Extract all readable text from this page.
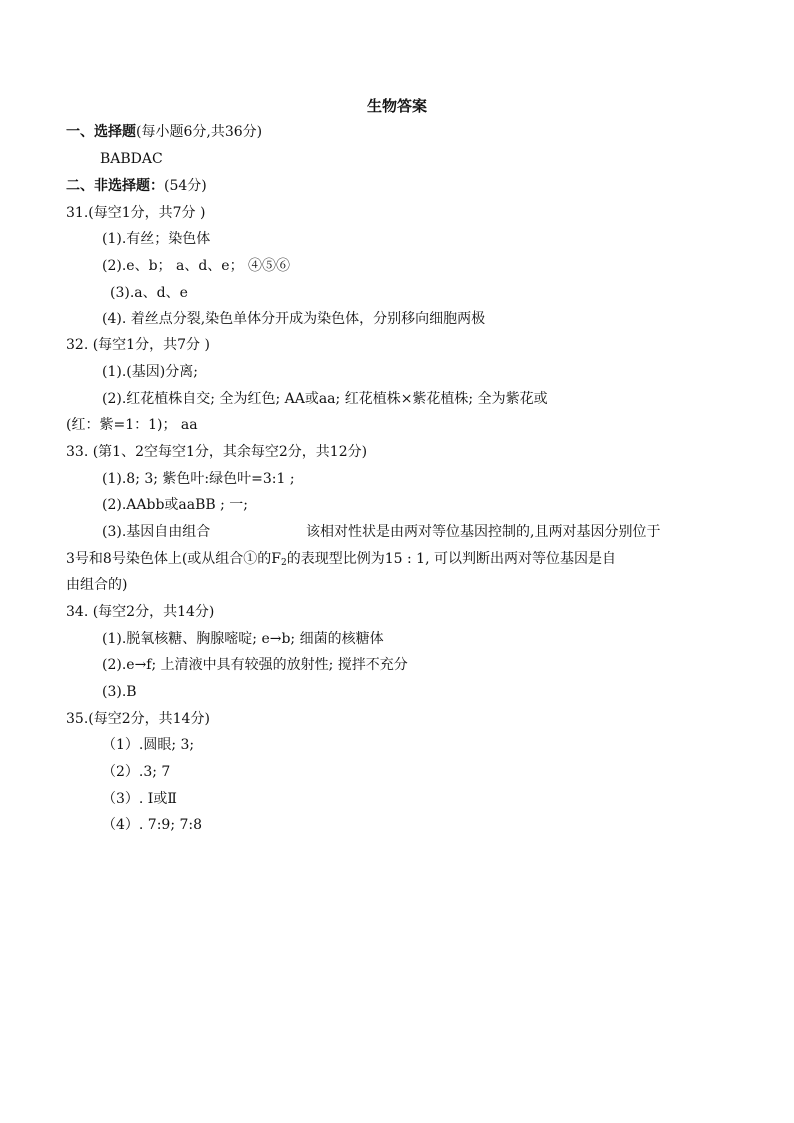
生物答案
一、选择题(每小题6分,共36分)
BABDAC
二、非选择题：(54分)
31.(每空1分，共7分 )
(1).有丝；染色体
(2).e、b； a、d、e； ④⑤⑥
(3).a、d、e
(4). 着丝点分裂,染色单体分开成为染色体，分别移向细胞两极
32. (每空1分，共7分 )
(1).(基因)分离;
(2).红花植株自交; 全为红色; AA或aa; 红花植株×紫花植株; 全为紫花或
(红：紫=1：1)； aa
33. (第1、2空每空1分，其余每空2分，共12分)
(1).8; 3; 紫色叶:绿色叶=3:1 ;
(2).AAbb或aaBB ; 一;
(3).基因自由组合	该相对性状是由两对等位基因控制的,且两对基因分别位于
3号和8号染色体上(或从组合①的$F_2$的表现型比例为15 : 1, 可以判断出两对等位基因是自
由组合的)
34. (每空2分，共14分)
(1).脱氧核糖、胸腺嘧啶; e→b; 细菌的核糖体
(2).e→f; 上清液中具有较强的放射性; 搅拌不充分
(3).B
35.(每空2分，共14分)
（1）.圆眼; 3;
（2）.3; 7
（3）. Ⅰ或Ⅱ
（4）. 7:9; 7:8
